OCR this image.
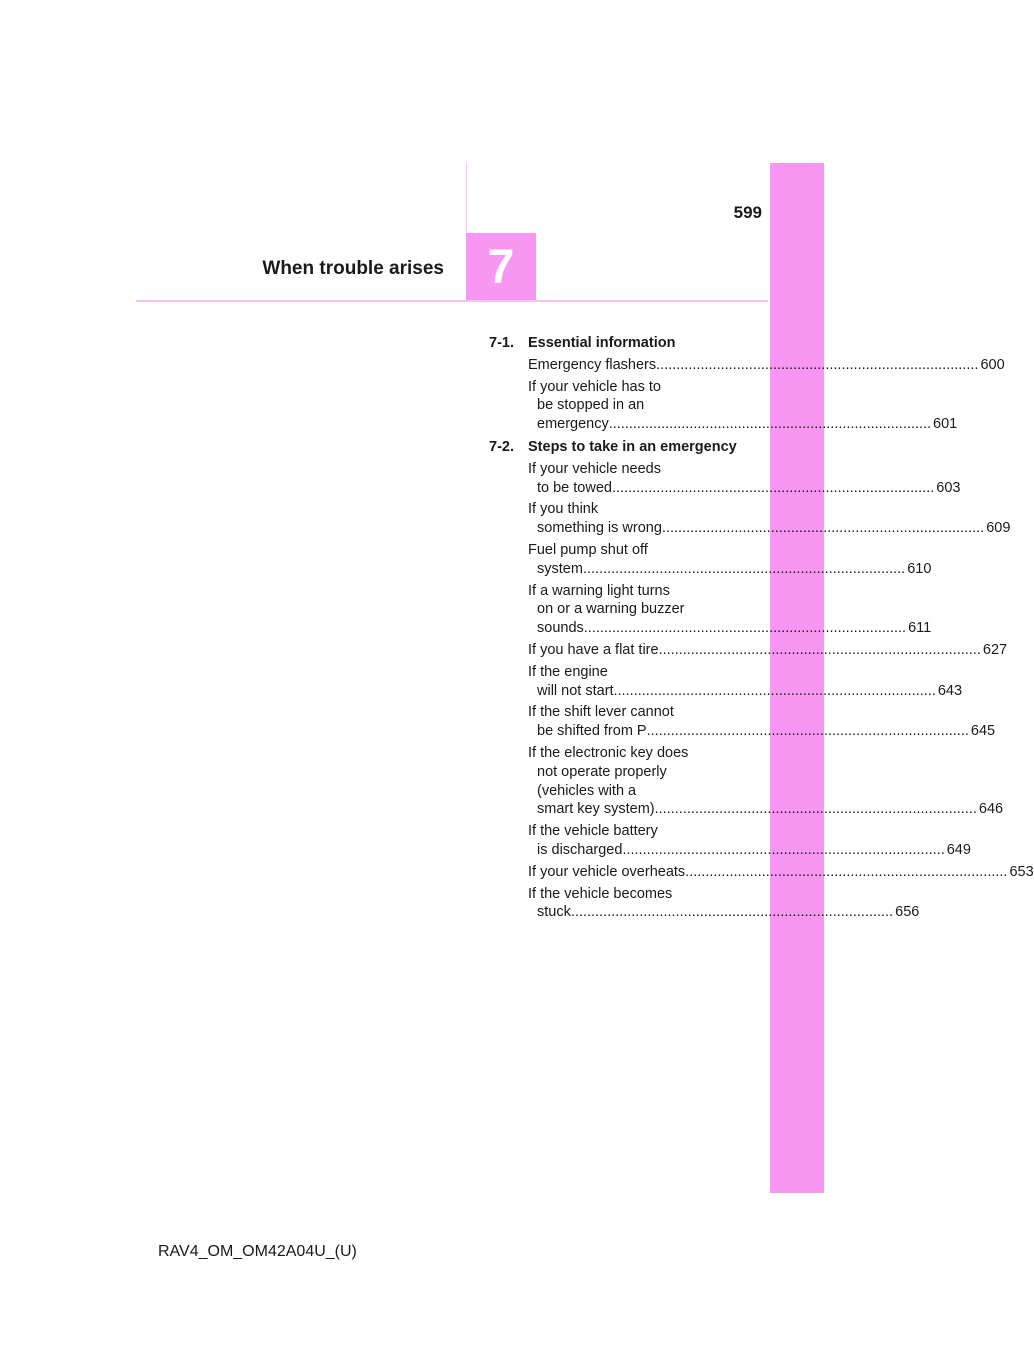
599
When trouble arises 7
7-1. Essential information
Emergency flashers ................................................................................ 600
If your vehicle has to
be stopped in an
emergency ................................................................................ 601
7-2. Steps to take in an emergency
If your vehicle needs
to be towed ................................................................................ 603
If you think
something is wrong ................................................................................ 609
Fuel pump shut off
system ................................................................................ 610
If a warning light turns
on or a warning buzzer
sounds ................................................................................ 611
If you have a flat tire ................................................................................ 627
If the engine
will not start ................................................................................ 643
If the shift lever cannot
be shifted from P ................................................................................ 645
If the electronic key does
not operate properly
(vehicles with a
smart key system) ................................................................................ 646
If the vehicle battery
is discharged ................................................................................ 649
If your vehicle overheats ................................................................................ 653
If the vehicle becomes
stuck ................................................................................ 656
RAV4_OM_OM42A04U_(U)
